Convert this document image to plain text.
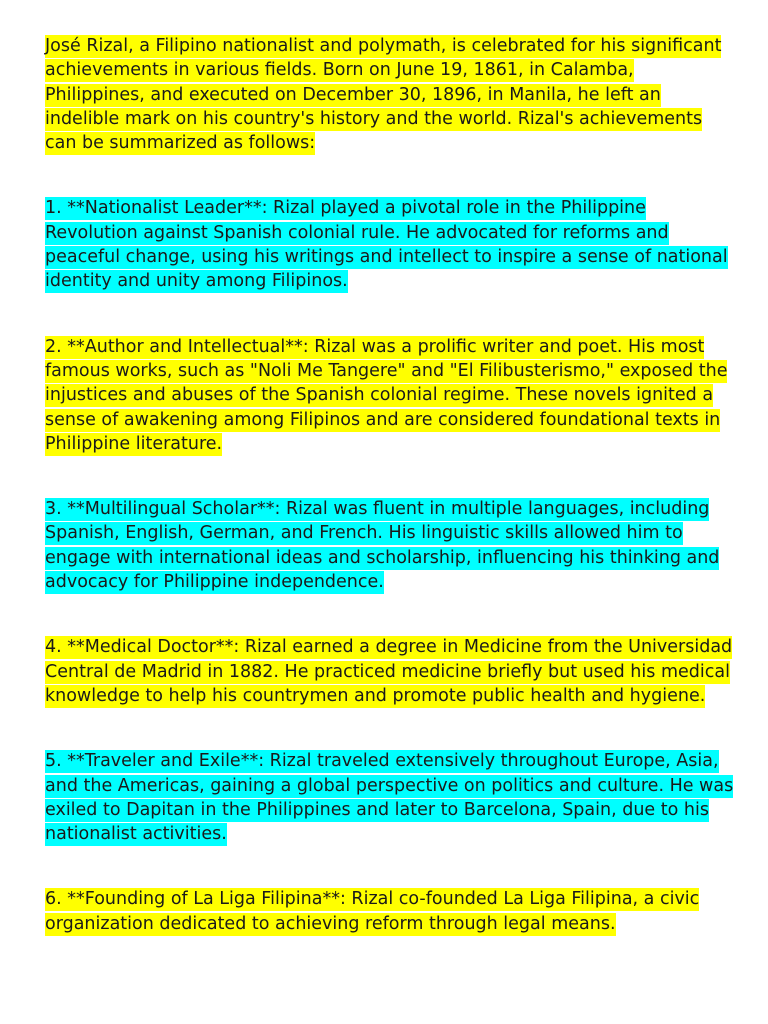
José Rizal, a Filipino nationalist and polymath, is celebrated for his significant achievements in various fields. Born on June 19, 1861, in Calamba, Philippines, and executed on December 30, 1896, in Manila, he left an indelible mark on his country's history and the world. Rizal's achievements can be summarized as follows:

1. **Nationalist Leader**: Rizal played a pivotal role in the Philippine Revolution against Spanish colonial rule. He advocated for reforms and peaceful change, using his writings and intellect to inspire a sense of national identity and unity among Filipinos.

2. **Author and Intellectual**: Rizal was a prolific writer and poet. His most famous works, such as "Noli Me Tangere" and "El Filibusterismo," exposed the injustices and abuses of the Spanish colonial regime. These novels ignited a sense of awakening among Filipinos and are considered foundational texts in Philippine literature.

3. **Multilingual Scholar**: Rizal was fluent in multiple languages, including Spanish, English, German, and French. His linguistic skills allowed him to engage with international ideas and scholarship, influencing his thinking and advocacy for Philippine independence.

4. **Medical Doctor**: Rizal earned a degree in Medicine from the Universidad Central de Madrid in 1882. He practiced medicine briefly but used his medical knowledge to help his countrymen and promote public health and hygiene.

5. **Traveler and Exile**: Rizal traveled extensively throughout Europe, Asia, and the Americas, gaining a global perspective on politics and culture. He was exiled to Dapitan in the Philippines and later to Barcelona, Spain, due to his nationalist activities.

6. **Founding of La Liga Filipina**: Rizal co-founded La Liga Filipina, a civic organization dedicated to achieving reform through legal means.
